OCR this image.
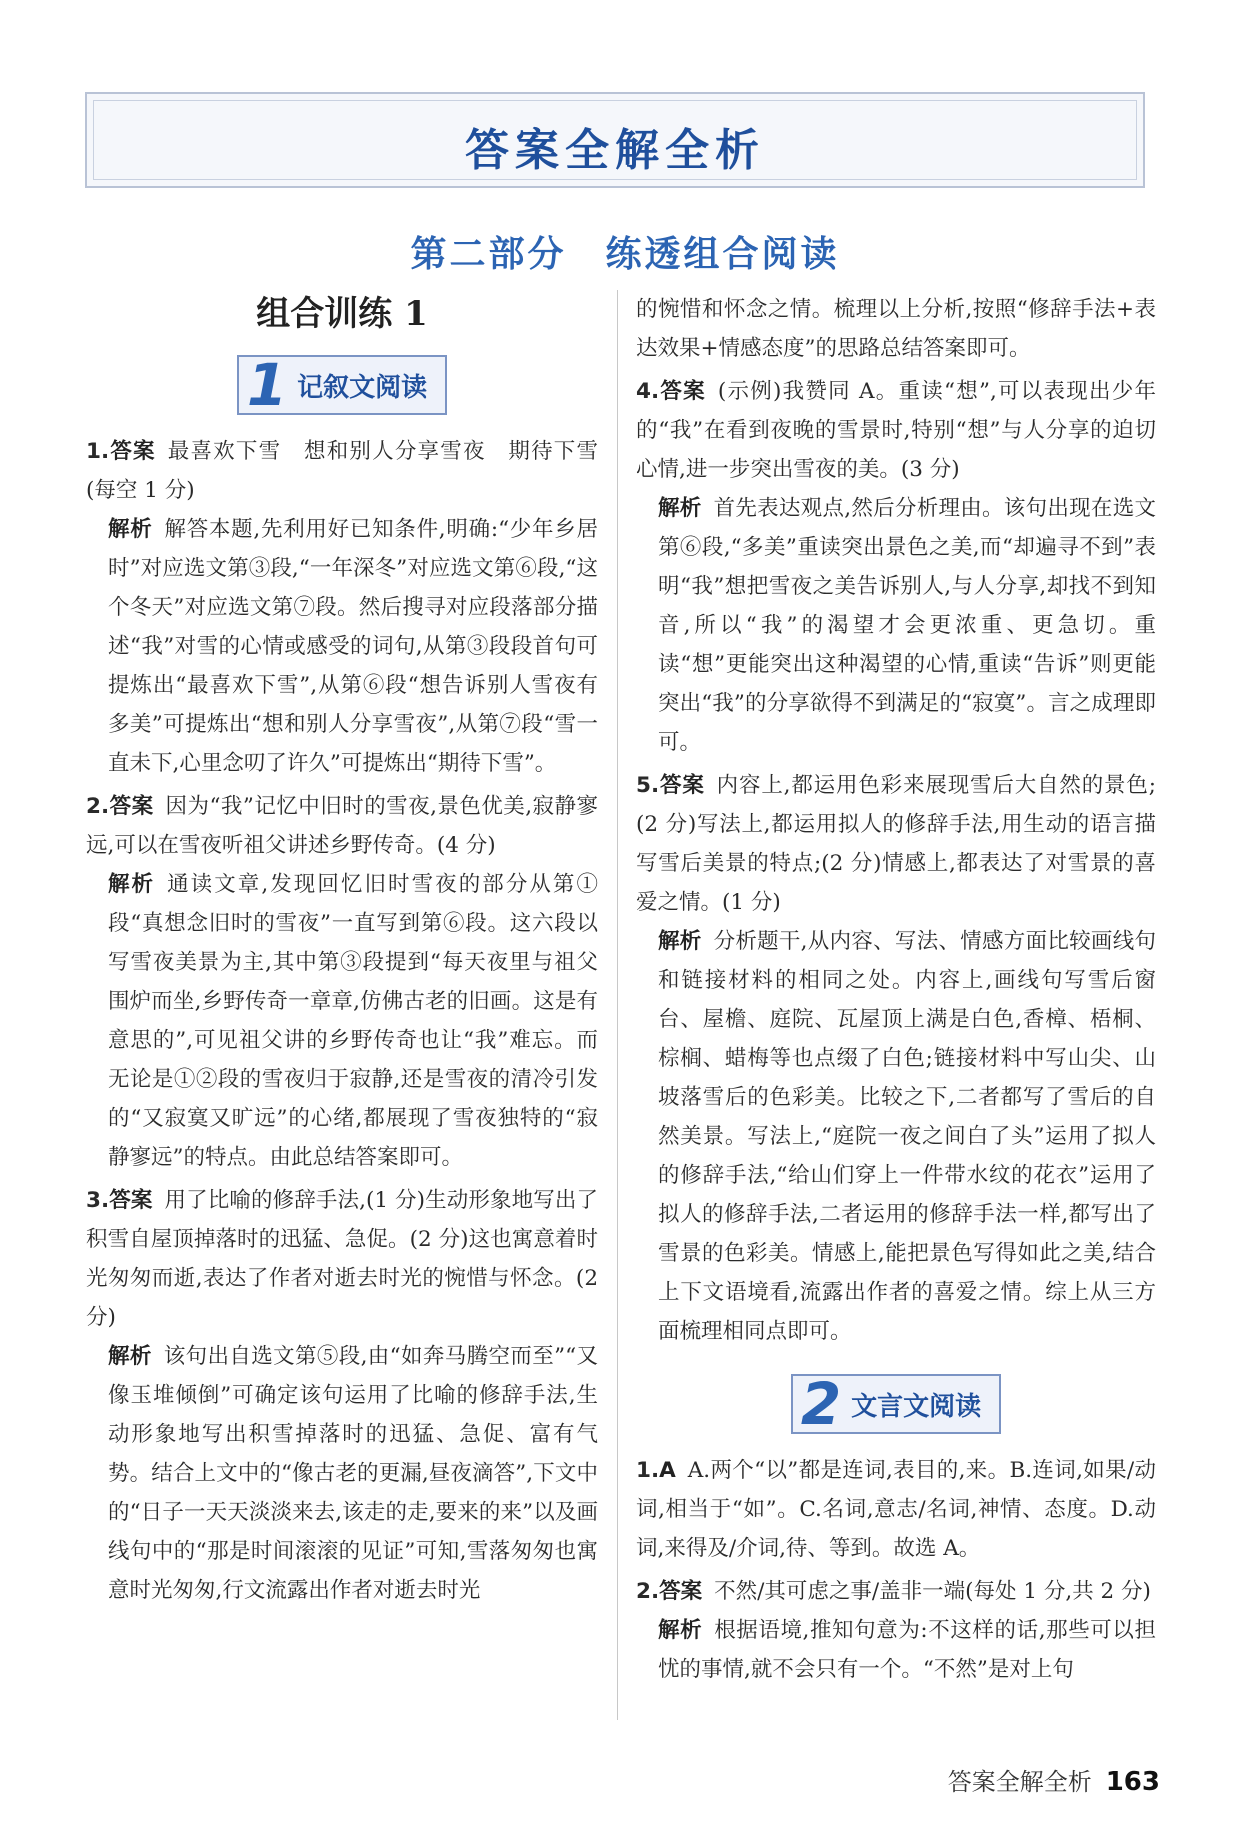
答案全解全析
第二部分　练透组合阅读
组合训练 1
1 记叙文阅读

1.答案 最喜欢下雪　想和别人分享雪夜　期待下雪(每空 1 分)

解析 解答本题,先利用好已知条件,明确:“少年乡居时”对应选文第③段,“一年深冬”对应选文第⑥段,“这个冬天”对应选文第⑦段。然后搜寻对应段落部分描述“我”对雪的心情或感受的词句,从第③段段首句可提炼出“最喜欢下雪”,从第⑥段“想告诉别人雪夜有多美”可提炼出“想和别人分享雪夜”,从第⑦段“雪一直未下,心里念叨了许久”可提炼出“期待下雪”。

2.答案 因为“我”记忆中旧时的雪夜,景色优美,寂静寥远,可以在雪夜听祖父讲述乡野传奇。(4 分)

解析 通读文章,发现回忆旧时雪夜的部分从第①段“真想念旧时的雪夜”一直写到第⑥段。这六段以写雪夜美景为主,其中第③段提到“每天夜里与祖父围炉而坐,乡野传奇一章章,仿佛古老的旧画。这是有意思的”,可见祖父讲的乡野传奇也让“我”难忘。而无论是①②段的雪夜归于寂静,还是雪夜的清冷引发的“又寂寞又旷远”的心绪,都展现了雪夜独特的“寂静寥远”的特点。由此总结答案即可。

3.答案 用了比喻的修辞手法,(1 分)生动形象地写出了积雪自屋顶掉落时的迅猛、急促。(2 分)这也寓意着时光匆匆而逝,表达了作者对逝去时光的惋惜与怀念。(2 分)

解析 该句出自选文第⑤段,由“如奔马腾空而至”“又像玉堆倾倒”可确定该句运用了比喻的修辞手法,生动形象地写出积雪掉落时的迅猛、急促、富有气势。结合上文中的“像古老的更漏,昼夜滴答”,下文中的“日子一天天淡淡来去,该走的走,要来的来”以及画线句中的“那是时间滚滚的见证”可知,雪落匆匆也寓意时光匆匆,行文流露出作者对逝去时光

的惋惜和怀念之情。梳理以上分析,按照“修辞手法+表达效果+情感态度”的思路总结答案即可。

4.答案 (示例)我赞同 A。重读“想”,可以表现出少年的“我”在看到夜晚的雪景时,特别“想”与人分享的迫切心情,进一步突出雪夜的美。(3 分)

解析 首先表达观点,然后分析理由。该句出现在选文第⑥段,“多美”重读突出景色之美,而“却遍寻不到”表明“我”想把雪夜之美告诉别人,与人分享,却找不到知音,所以“我”的渴望才会更浓重、更急切。重读“想”更能突出这种渴望的心情,重读“告诉”则更能突出“我”的分享欲得不到满足的“寂寞”。言之成理即可。

5.答案 内容上,都运用色彩来展现雪后大自然的景色;(2 分)写法上,都运用拟人的修辞手法,用生动的语言描写雪后美景的特点;(2 分)情感上,都表达了对雪景的喜爱之情。(1 分)

解析 分析题干,从内容、写法、情感方面比较画线句和链接材料的相同之处。内容上,画线句写雪后窗台、屋檐、庭院、瓦屋顶上满是白色,香樟、梧桐、棕榈、蜡梅等也点缀了白色;链接材料中写山尖、山坡落雪后的色彩美。比较之下,二者都写了雪后的自然美景。写法上,“庭院一夜之间白了头”运用了拟人的修辞手法,“给山们穿上一件带水纹的花衣”运用了拟人的修辞手法,二者运用的修辞手法一样,都写出了雪景的色彩美。情感上,能把景色写得如此之美,结合上下文语境看,流露出作者的喜爱之情。综上从三方面梳理相同点即可。

2 文言文阅读

1.A A.两个“以”都是连词,表目的,来。B.连词,如果/动词,相当于“如”。C.名词,意志/名词,神情、态度。D.动词,来得及/介词,待、等到。故选 A。

2.答案 不然/其可虑之事/盖非一端(每处 1 分,共 2 分)

解析 根据语境,推知句意为:不这样的话,那些可以担忧的事情,就不会只有一个。“不然”是对上句

答案全解全析 163
